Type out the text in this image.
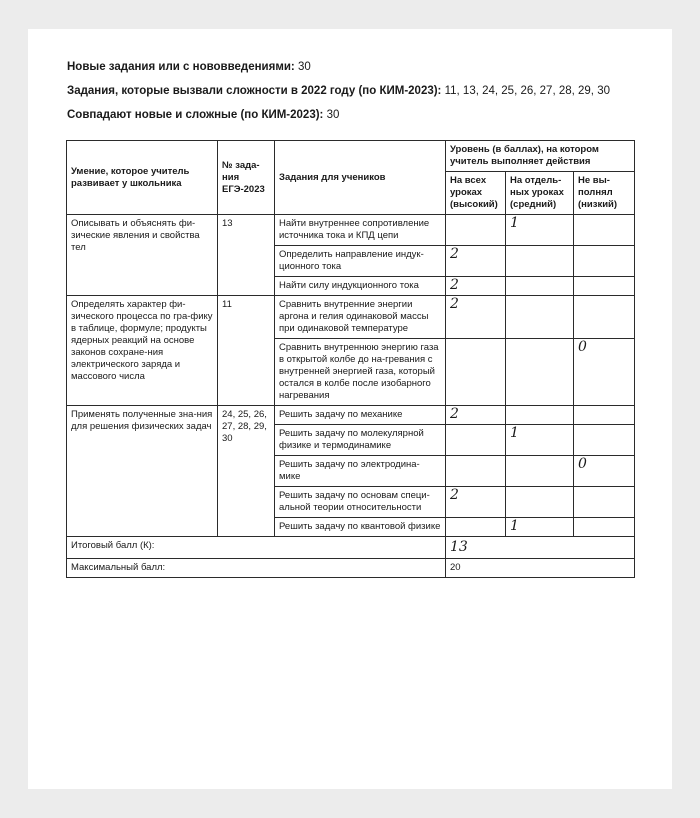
Новые задания или с нововведениями: 30

Задания, которые вызвали сложности в 2022 году (по КИМ-2023): 11, 13, 24, 25, 26, 27, 28, 29, 30

Совпадают новые и сложные (по КИМ-2023): 30

Умение, которое учитель развивает у школьника	№ зада-
ния
ЕГЭ-2023	Задания для учеников	Уровень (в баллах), на котором учитель выполняет действия		
			На всех уроках (высокий)	На отдель-ных уроках (средний)	Не вы-полнял (низкий)
Описывать и объяснять фи-зические явления и свойства тел	13	Найти внутреннее сопротивление источника тока и КПД цепи		1	
		Определить направление индук-ционного тока	2		
		Найти силу индукционного тока	2		
Определять характер фи-зического процесса по гра-фику в таблице, формуле; продукты ядерных реакций на основе законов сохране-ния электрического заряда и массового числа	11	Сравнить внутренние энергии аргона и гелия одинаковой массы при одинаковой температуре	2		
		Сравнить внутреннюю энергию газа в открытой колбе до на-гревания с внутренней энергией газа, который остался в колбе после изобарного нагревания			0
Применять полученные зна-ния для решения физических задач	24, 25, 26, 27, 28, 29, 30	Решить задачу по механике	2		
		Решить задачу по молекулярной физике и термодинамике		1	
		Решить задачу по электродина-мике			0
		Решить задачу по основам специ-альной теории относительности	2		
		Решить задачу по квантовой физике		1	
Итоговый балл (К):			13		
Максимальный балл:			20		
